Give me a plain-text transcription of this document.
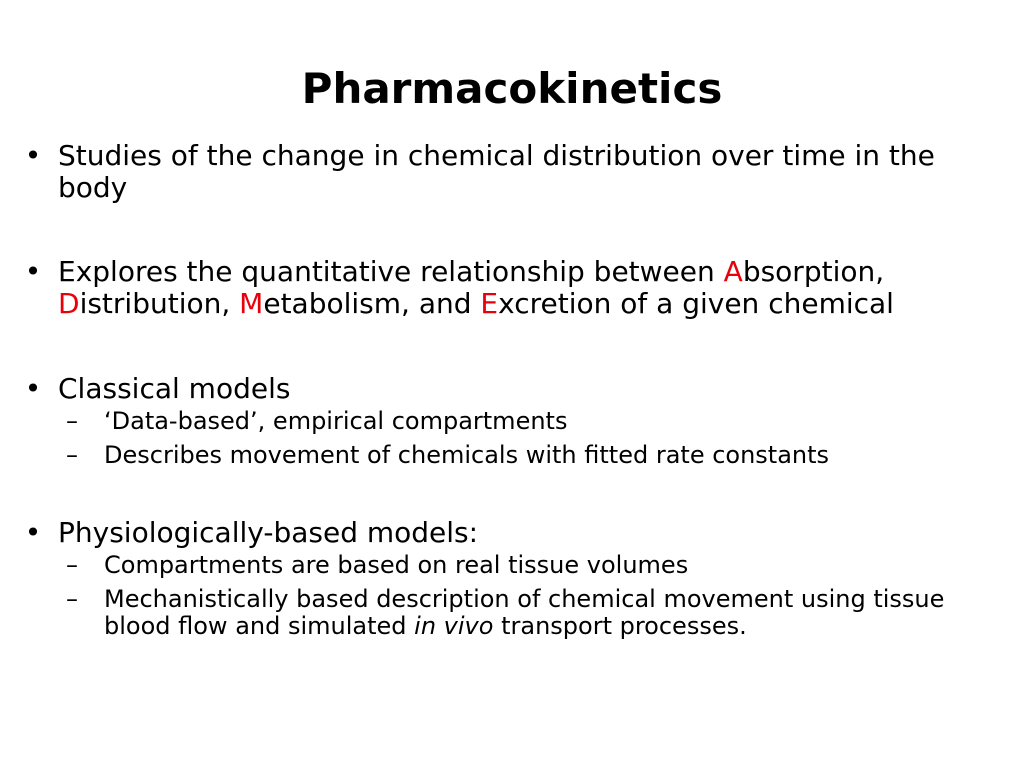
Pharmacokinetics
• Studies of the change in chemical distribution over time in the body
• Explores the quantitative relationship between Absorption, Distribution, Metabolism, and Excretion of a given chemical
• Classical models
– ‘Data-based’, empirical compartments
– Describes movement of chemicals with fitted rate constants
• Physiologically-based models:
– Compartments are based on real tissue volumes
– Mechanistically based description of chemical movement using tissue blood flow and simulated in vivo transport processes.
